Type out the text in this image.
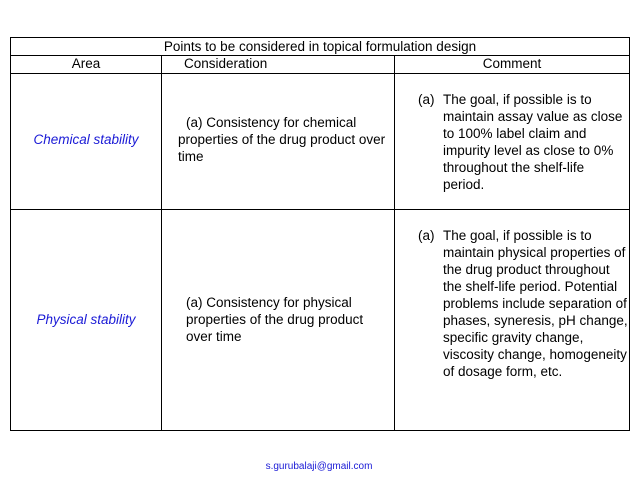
Points to be considered in topical formulation design
Area	Consideration	Comment
Chemical stability
(a) Consistency for chemical properties of the drug product over time
(a) The goal, if possible is to maintain assay value as close to 100% label claim and impurity level as close to 0% throughout the shelf-life period.
Physical stability
(a) Consistency for physical properties of the drug product over time
(a) The goal, if possible is to maintain physical properties of the drug product throughout the shelf-life period. Potential problems include separation of phases, syneresis, pH change, specific gravity change, viscosity change, homogeneity of dosage form, etc.
s.gurubalaji@gmail.com
